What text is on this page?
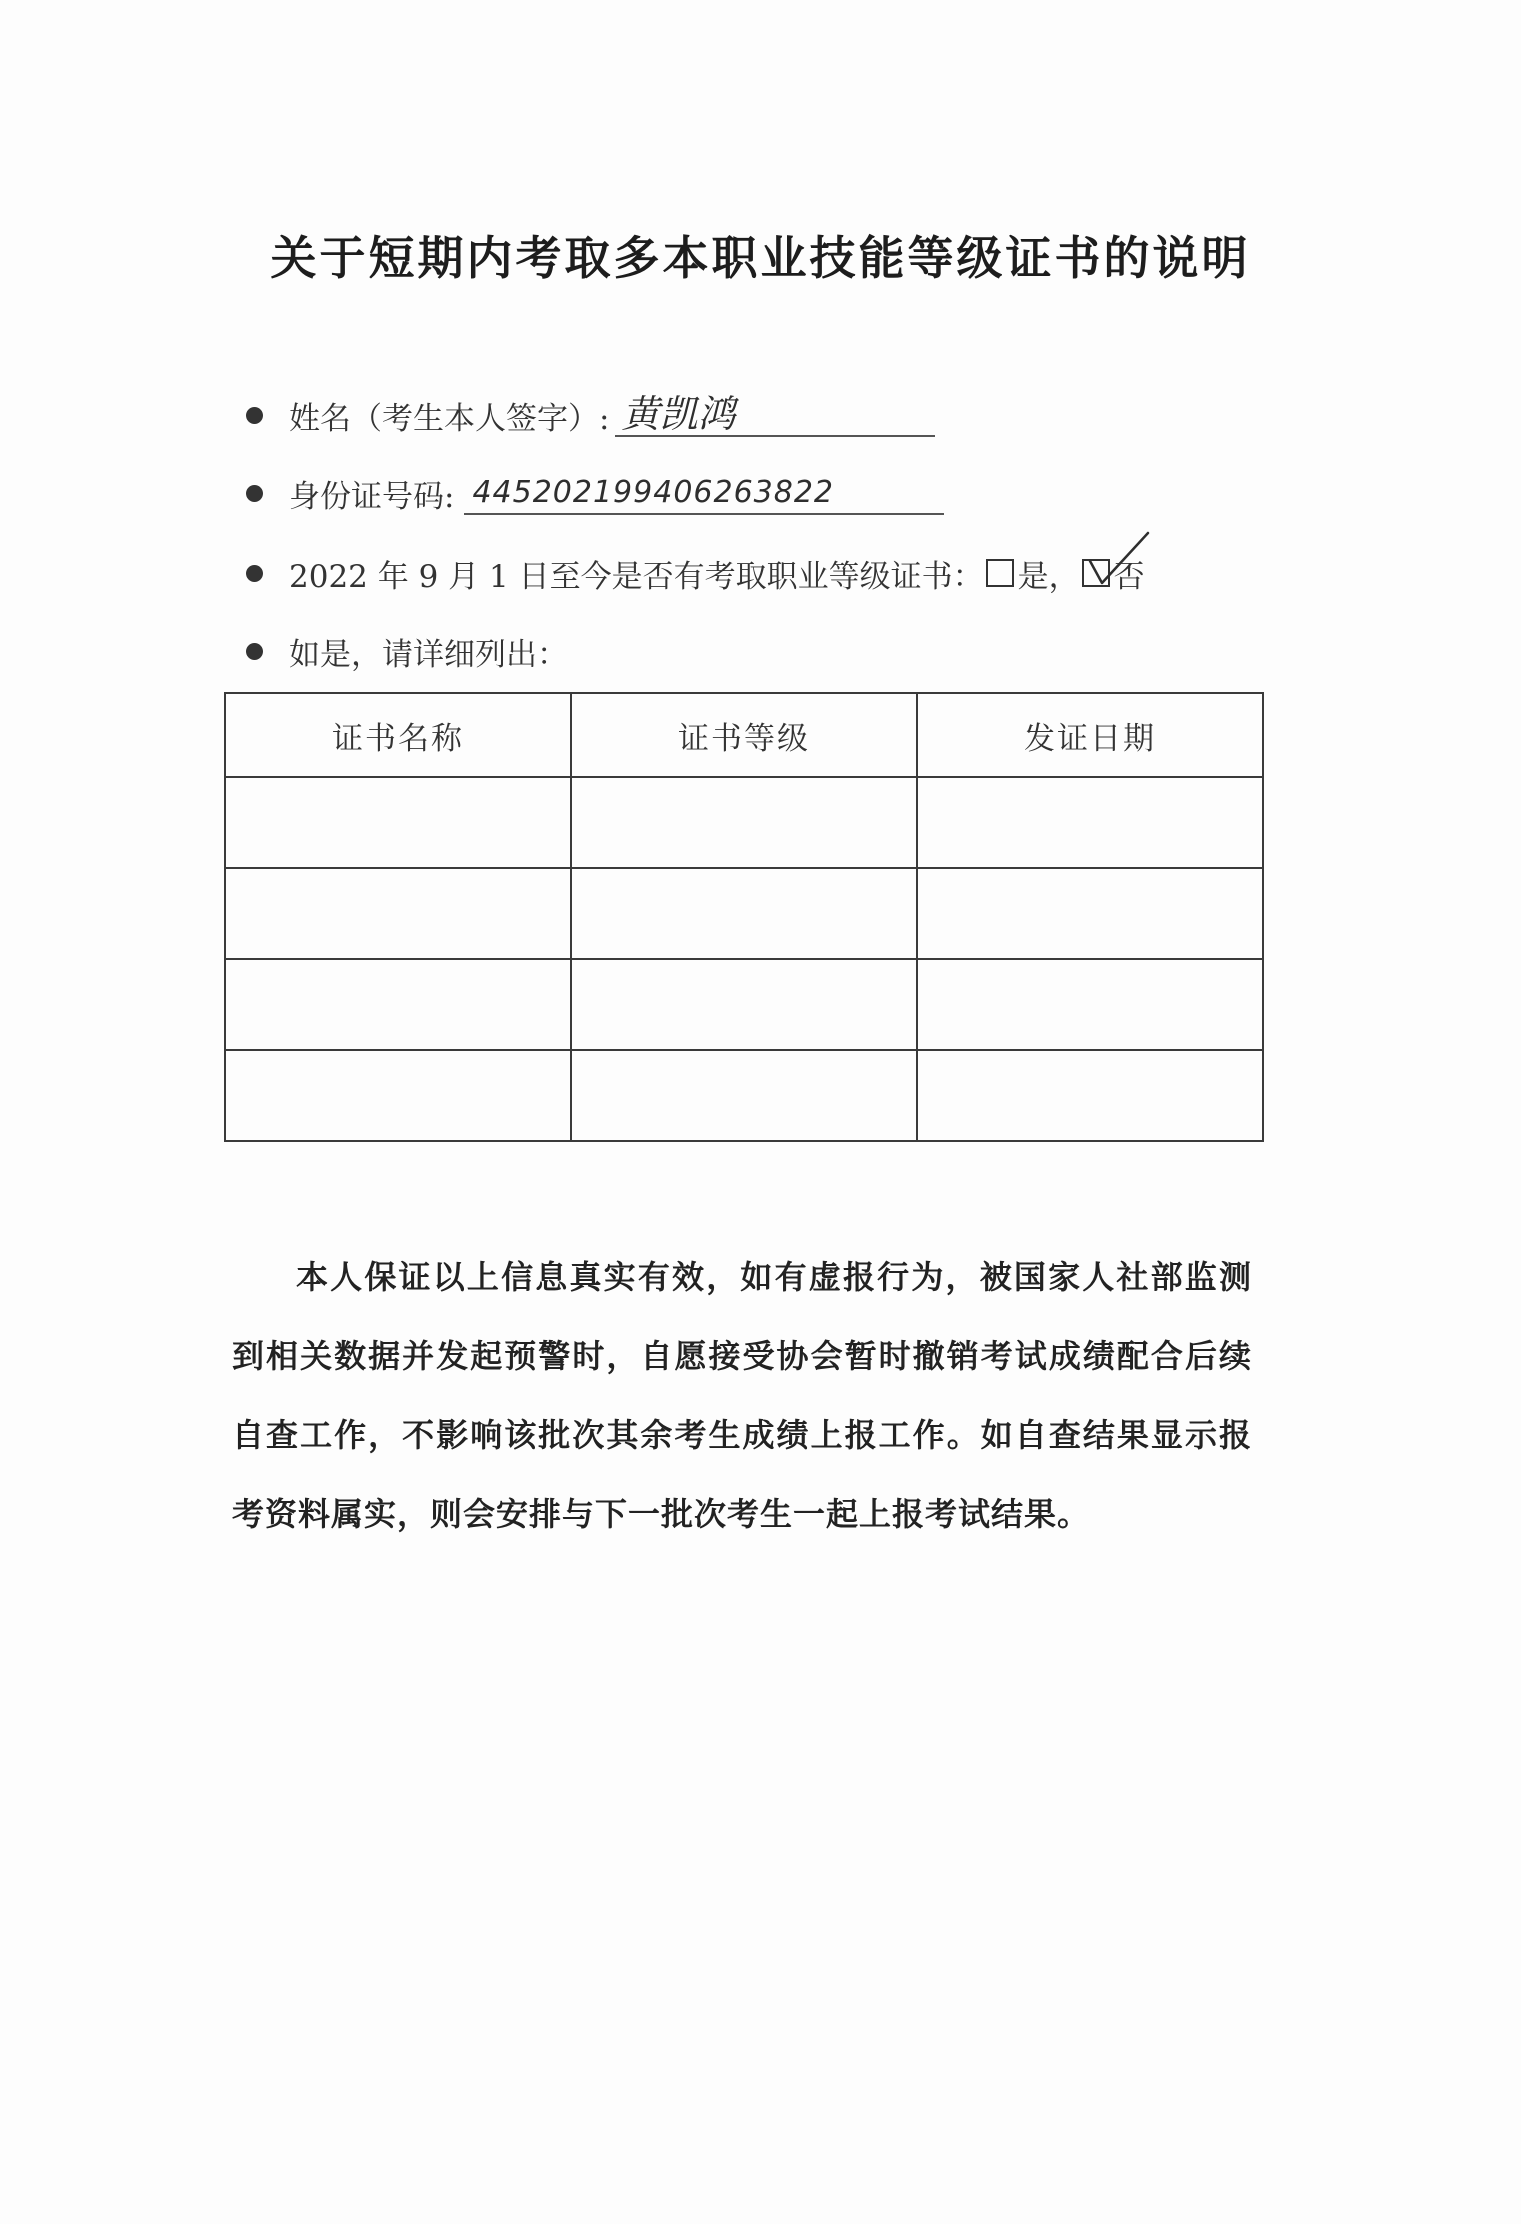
关于短期内考取多本职业技能等级证书的说明
姓名（考生本人签字）: 黄凯鸿
身份证号码: 445202199406263822
2022 年 9 月 1 日至今是否有考取职业等级证书： 是， 否
如是，请详细列出：
证书名称	证书等级	发证日期

本人保证以上信息真实有效，如有虚报行为，被国家人社部监测到相关数据并发起预警时，自愿接受协会暂时撤销考试成绩配合后续自查工作，不影响该批次其余考生成绩上报工作。如自查结果显示报考资料属实，则会安排与下一批次考生一起上报考试结果。
